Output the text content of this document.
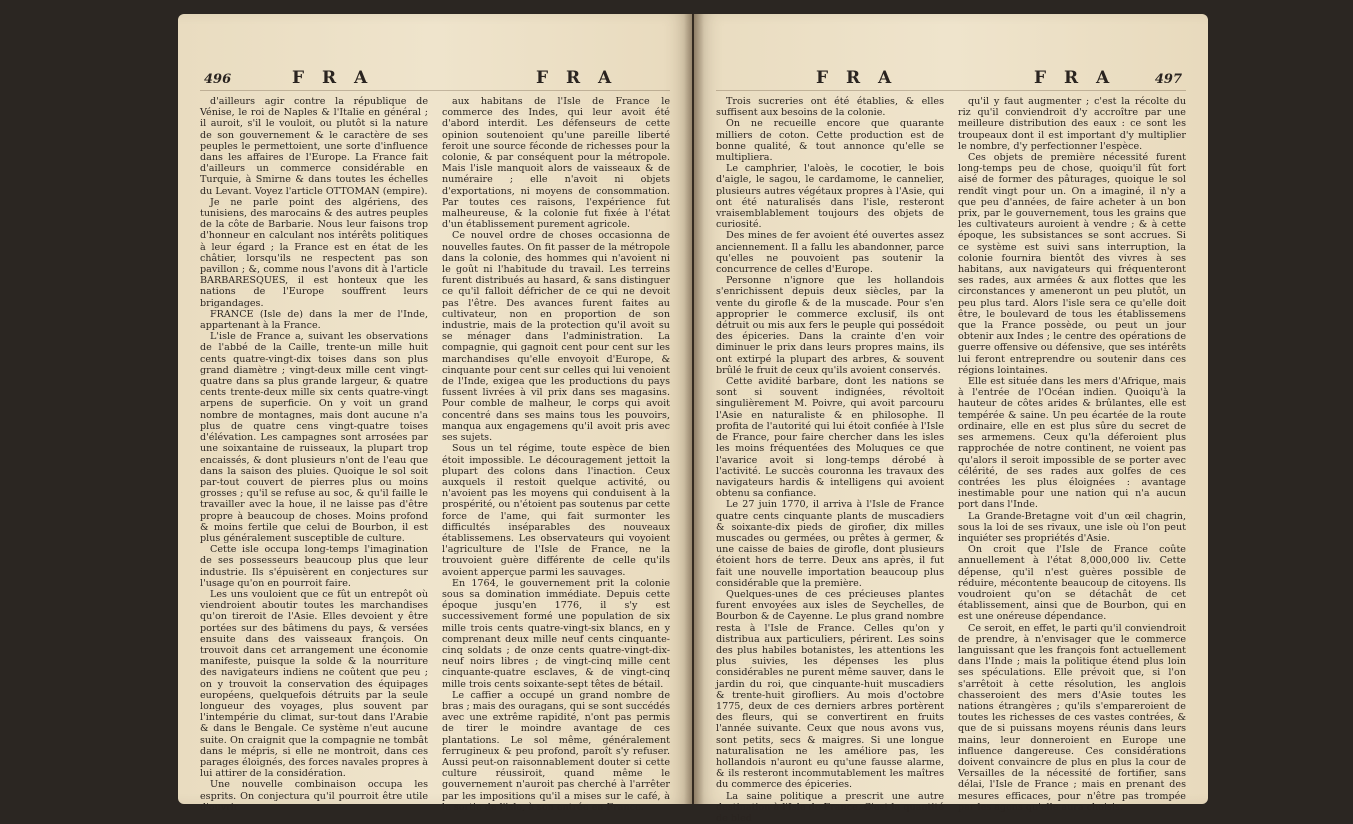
496	F R A	F R A

d'ailleurs agir contre la république de Vénise, le roi de Naples & l'Italie en général ; il auroit, s'il le vouloit, ou plutôt si la nature de son gouvernement & le caractère de ses peuples le permettoient, une sorte d'influence dans les affaires de l'Europe. La France fait d'ailleurs un commerce considérable en Turquie, à Smirne & dans toutes les échelles du Levant. Voyez l'article OTTOMAN (empire).

Je ne parle point des algériens, des tunisiens, des marocains & des autres peuples de la côte de Barbarie. Nous leur faisons trop d'honneur en calculant nos intérêts politiques à leur égard ; la France est en état de les châtier, lorsqu'ils ne respectent pas son pavillon ; &, comme nous l'avons dit à l'article BARBARESQUES, il est honteux que les nations de l'Europe souffrent leurs brigandages.

FRANCE (Isle de) dans la mer de l'Inde, appartenant à la France.

L'isle de France a, suivant les observations de l'abbé de la Caille, trente-un mille huit cents quatre-vingt-dix toises dans son plus grand diamètre ; vingt-deux mille cent vingt-quatre dans sa plus grande largeur, & quatre cents trente-deux mille six cents quatre-vingt arpens de superficie. On y voit un grand nombre de montagnes, mais dont aucune n'a plus de quatre cens vingt-quatre toises d'élévation. Les campagnes sont arrosées par une soixantaine de ruisseaux, la plupart trop encaissés, & dont plusieurs n'ont de l'eau que dans la saison des pluies. Quoique le sol soit par-tout couvert de pierres plus ou moins grosses ; qu'il se refuse au soc, & qu'il faille le travailler avec la houe, il ne laisse pas d'être propre à beaucoup de choses. Moins profond & moins fertile que celui de Bourbon, il est plus généralement susceptible de culture.

Cette isle occupa long-temps l'imagination de ses possesseurs beaucoup plus que leur industrie. Ils s'épuisèrent en conjectures sur l'usage qu'on en pourroit faire.

Les uns vouloient que ce fût un entrepôt où viendroient aboutir toutes les marchandises qu'on tireroit de l'Asie. Elles devoient y être portées sur des bâtimens du pays, & versées ensuite dans des vaisseaux françois. On trouvoit dans cet arrangement une économie manifeste, puisque la solde & la nourriture des navigateurs indiens ne coûtent que peu ; on y trouvoit la conservation des équipages européens, quelquefois détruits par la seule longueur des voyages, plus souvent par l'intempérie du climat, sur-tout dans l'Arabie & dans le Bengale. Ce système n'eut aucune suite. On craignit que la compagnie ne tombât dans le mépris, si elle ne montroit, dans ces parages éloignés, des forces navales propres à lui attirer de la considération.

Une nouvelle combinaison occupa les esprits. On conjectura qu'il pourroit être utile d'ouvrir

aux habitans de l'Isle de France le commerce des Indes, qui leur avoit été d'abord interdit. Les défenseurs de cette opinion soutenoient qu'une pareille liberté feroit une source féconde de richesses pour la colonie, & par conséquent pour la métropole. Mais l'isle manquoit alors de vaisseaux & de numéraire ; elle n'avoit ni objets d'exportations, ni moyens de consommation. Par toutes ces raisons, l'expérience fut malheureuse, & la colonie fut fixée à l'état d'un établissement purement agricole.

Ce nouvel ordre de choses occasionna de nouvelles fautes. On fit passer de la métropole dans la colonie, des hommes qui n'avoient ni le goût ni l'habitude du travail. Les terreins furent distribués au hasard, & sans distinguer ce qu'il falloit défricher de ce qui ne devoit pas l'être. Des avances furent faites au cultivateur, non en proportion de son industrie, mais de la protection qu'il avoit su se ménager dans l'administration. La compagnie, qui gagnoit cent pour cent sur les marchandises qu'elle envoyoit d'Europe, & cinquante pour cent sur celles qui lui venoient de l'Inde, exigea que les productions du pays fussent livrées à vil prix dans ses magasins. Pour comble de malheur, le corps qui avoit concentré dans ses mains tous les pouvoirs, manqua aux engagemens qu'il avoit pris avec ses sujets.

Sous un tel régime, toute espèce de bien étoit impossible. Le découragement jettoit la plupart des colons dans l'inaction. Ceux auxquels il restoit quelque activité, ou n'avoient pas les moyens qui conduisent à la prospérité, ou n'étoient pas soutenus par cette force de l'ame, qui fait surmonter les difficultés inséparables des nouveaux établissemens. Les observateurs qui voyoient l'agriculture de l'Isle de France, ne la trouvoient guère différente de celle qu'ils avoient apperçue parmi les sauvages.

En 1764, le gouvernement prit la colonie sous sa domination immédiate. Depuis cette époque jusqu'en 1776, il s'y est successivement formé une population de six mille trois cents quatre-vingt-six blancs, en y comprenant deux mille neuf cents cinquante-cinq soldats ; de onze cents quatre-vingt-dix-neuf noirs libres ; de vingt-cinq mille cent cinquante-quatre esclaves, & de vingt-cinq mille trois cents soixante-sept têtes de bétail.

Le caffier a occupé un grand nombre de bras ; mais des ouragans, qui se sont succédés avec une extrême rapidité, n'ont pas permis de tirer le moindre avantage de ces plantations. Le sol même, généralement ferrugineux & peu profond, paroît s'y refuser. Aussi peut-on raisonnablement douter si cette culture réussiroit, quand même le gouvernement n'auroit pas cherché à l'arrêter par les impositions qu'il a mises sur le café, à la sortie de l'isle, à son entrée en France.

F R A	F R A	497

Trois sucreries ont été établies, & elles suffisent aux besoins de la colonie.

On ne recueille encore que quarante milliers de coton. Cette production est de bonne qualité, & tout annonce qu'elle se multipliera.

Le camphrier, l'aloès, le cocotier, le bois d'aigle, le sagou, le cardamome, le cannelier, plusieurs autres végétaux propres à l'Asie, qui ont été naturalisés dans l'isle, resteront vraisemblablement toujours des objets de curiosité.

Des mines de fer avoient été ouvertes assez anciennement. Il a fallu les abandonner, parce qu'elles ne pouvoient pas soutenir la concurrence de celles d'Europe.

Personne n'ignore que les hollandois s'enrichissent depuis deux siècles, par la vente du girofle & de la muscade. Pour s'en approprier le commerce exclusif, ils ont détruit ou mis aux fers le peuple qui possédoit des épiceries. Dans la crainte d'en voir diminuer le prix dans leurs propres mains, ils ont extirpé la plupart des arbres, & souvent brûlé le fruit de ceux qu'ils avoient conservés.

Cette avidité barbare, dont les nations se sont si souvent indignées, révoltoit singulièrement M. Poivre, qui avoit parcouru l'Asie en naturaliste & en philosophe. Il profita de l'autorité qui lui étoit confiée à l'Isle de France, pour faire chercher dans les isles les moins fréquentées des Moluques ce que l'avarice avoit si long-temps dérobé à l'activité. Le succès couronna les travaux des navigateurs hardis & intelligens qui avoient obtenu sa confiance.

Le 27 juin 1770, il arriva à l'Isle de France quatre cents cinquante plants de muscadiers & soixante-dix pieds de girofier, dix milles muscades ou germées, ou prêtes à germer, & une caisse de baies de girofle, dont plusieurs étoient hors de terre. Deux ans après, il fut fait une nouvelle importation beaucoup plus considérable que la première.

Quelques-unes de ces précieuses plantes furent envoyées aux isles de Seychelles, de Bourbon & de Cayenne. Le plus grand nombre resta à l'Isle de France. Celles qu'on y distribua aux particuliers, périrent. Les soins des plus habiles botanistes, les attentions les plus suivies, les dépenses les plus considérables ne purent même sauver, dans le jardin du roi, que cinquante-huit muscadiers & trente-huit girofliers. Au mois d'octobre 1775, deux de ces derniers arbres portèrent des fleurs, qui se convertirent en fruits l'année suivante. Ceux que nous avons vus, sont petits, secs & maigres. Si une longue naturalisation ne les améliore pas, les hollandois n'auront eu qu'une fausse alarme, & ils resteront incommutablement les maîtres du commerce des épiceries.

La saine politique a prescrit une autre destination à l'Isle de France. C'est la quantité de bled

qu'il y faut augmenter ; c'est la récolte du riz qu'il conviendroit d'y accroître par une meilleure distribution des eaux : ce sont les troupeaux dont il est important d'y multiplier le nombre, d'y perfectionner l'espèce.

Ces objets de première nécessité furent long-temps peu de chose, quoiqu'il fût fort aisé de former des pâturages, quoique le sol rendît vingt pour un. On a imaginé, il n'y a que peu d'années, de faire acheter à un bon prix, par le gouvernement, tous les grains que les cultivateurs auroient à vendre ; & à cette époque, les subsistances se sont accrues. Si ce système est suivi sans interruption, la colonie fournira bientôt des vivres à ses habitans, aux navigateurs qui fréquenteront ses rades, aux armées & aux flottes que les circonstances y ameneront un peu plutôt, un peu plus tard. Alors l'isle sera ce qu'elle doit être, le boulevard de tous les établissemens que la France possède, ou peut un jour obtenir aux Indes ; le centre des opérations de guerre offensive ou défensive, que ses intérêts lui feront entreprendre ou soutenir dans ces régions lointaines.

Elle est située dans les mers d'Afrique, mais à l'entrée de l'Océan indien. Quoiqu'à la hauteur de côtes arides & brûlantes, elle est tempérée & saine. Un peu écartée de la route ordinaire, elle en est plus sûre du secret de ses armemens. Ceux qu'la déferoient plus rapprochée de notre continent, ne voient pas qu'alors il seroit impossible de se porter avec célérité, de ses rades aux golfes de ces contrées les plus éloignées : avantage inestimable pour une nation qui n'a aucun port dans l'Inde.

La Grande-Bretagne voit d'un œil chagrin, sous la loi de ses rivaux, une isle où l'on peut inquiéter ses propriétés d'Asie.

On croit que l'Isle de France coûte annuellement à l'état 8,000,000 liv. Cette dépense, qu'il n'est guères possible de réduire, mécontente beaucoup de citoyens. Ils voudroient qu'on se détachât de cet établissement, ainsi que de Bourbon, qui en est une onéreuse dépendance.

Ce seroit, en effet, le parti qu'il conviendroit de prendre, à n'envisager que le commerce languissant que les françois font actuellement dans l'Inde ; mais la politique étend plus loin ses spéculations. Elle prévoit que, si l'on s'arrêtoit à cette résolution, les anglois chasseroient des mers d'Asie toutes les nations étrangères ; qu'ils s'empareroient de toutes les richesses de ces vastes contrées, & que de si puissans moyens réunis dans leurs mains, leur donneroient en Europe une influence dangereuse. Ces considérations doivent convaincre de plus en plus la cour de Versailles de la nécessité de fortifier, sans délai, l'Isle de France ; mais en prenant des mesures efficaces, pour n'être pas trompée par les agens qu'elle aura choisis.
